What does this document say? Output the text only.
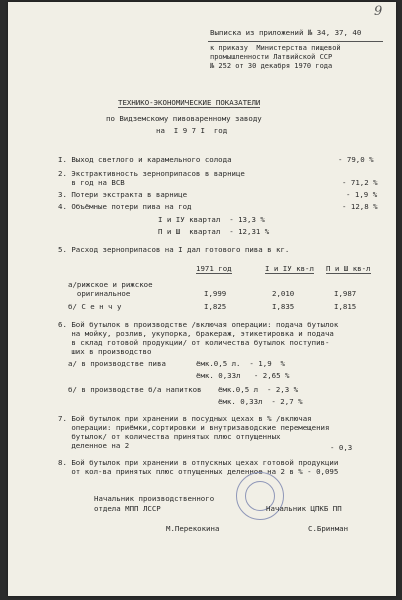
9
Выписка из приложений № 34, 37, 40
к приказу  Министерства пищевой
промышленности Латвийской ССР
№ 252 от 30 декабря 1970 года
ТЕХНИКО-ЭКОНОМИЧЕСКИЕ ПОКАЗАТЕЛИ
по Видземскому пивоваренному заводу
на  I 9 7 I  год
I. Выход светлого и карамельного солода	- 79,0 %
2. Экстрактивность зерноприпасов в варнице
в год на ВСВ	- 71,2 %
3. Потери экстракта в варнице	- 1,9 %
4. Объёмные потери пива на год	- 12,8 %
I и IУ квартал  - 13,3 %
П и Ш  квартал  - 12,31 %
5. Расход зерноприпасов на I дал готового пива в кг.
1971 год	I и IУ кв-л П и Ш кв-л
а/рижское и рижское
оригинальное	I,999	2,010	I,987
б/ С е н ч у	I,825	I,835	I,815
6. Бой бутылок в производстве /включая операции: подача бутылок
на мойку, розлив, укупорка, бракераж, этикетировка и подача
в склад готовой продукции/ от количества бутылок поступив-
ших в производство
а/ в производстве пива	ёмк.0,5 л.  - 1,9  %
ёмк. 0,33л   - 2,65 %
б/ в производстве б/а напитков ёмк.0,5 л  - 2,3 %
ёмк. 0,33л  - 2,7 %
7. Бой бутылок при хранении в посудных цехах в % /включая
операции: приёмки,сортировки и внутризаводские перемещения
бутылок/ от количества принятых плюс отпущенных
деленное на 2	- 0,3
8. Бой бутылок при хранении в отпускных цехах готовой продукции
от кол-ва принятых плюс отпущенных деленное на 2 в % - 0,095
Начальник производственного
отдела МПП ЛССР	Начальник ЦПКБ ПП
М.Перекокина	С.Бринман
